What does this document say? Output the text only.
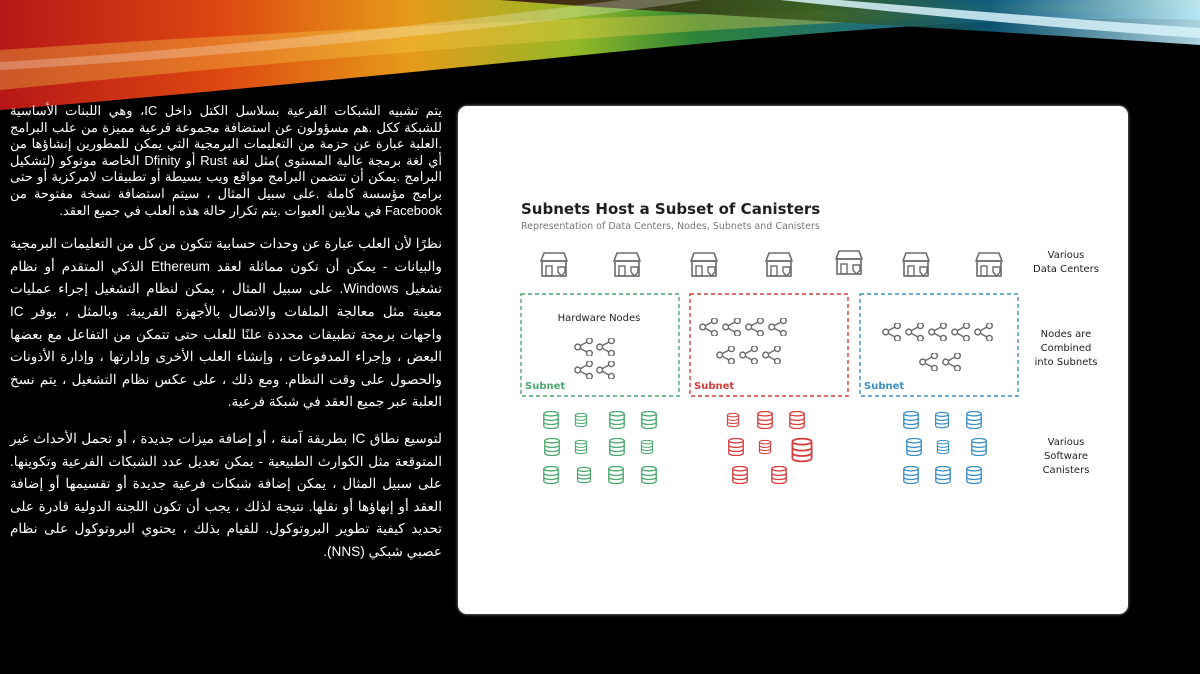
يتم تشبيه الشبكات الفرعية بسلاسل الكتل داخل IC، وهي اللبنات الأساسية للشبكة ككل .هم مسؤولون عن استضافة مجموعة فرعية مميزة من علب البرامج .العلبة عبارة عن حزمة من التعليمات البرمجية التي يمكن للمطورين إنشاؤها من أي لغة برمجة عالية المستوى )مثل لغة Rust أو Dfinity الخاصة موتوكو (لتشكيل البرامج .يمكن أن تتضمن البرامج مواقع ويب بسيطة أو تطبيقات لامركزية أو حتى برامج مؤسسة كاملة .على سبيل المثال ، سيتم استضافة نسخة مفتوحة من Facebook في ملايين العبوات .يتم تكرار حالة هذه العلب في جميع العقد.

نظرًا لأن العلب عبارة عن وحدات حسابية تتكون من كل من التعليمات البرمجية والبيانات - يمكن أن تكون مماثلة لعقد Ethereum الذكي المتقدم أو نظام تشغيل Windows. على سبيل المثال ، يمكن لنظام التشغيل إجراء عمليات معينة مثل معالجة الملفات والاتصال بالأجهزة القريبة. وبالمثل ، يوفر IC واجهات برمجة تطبيقات محددة علنًا للعلب حتى تتمكن من التفاعل مع بعضها البعض ، وإجراء المدفوعات ، وإنشاء العلب الأخرى وإدارتها ، وإدارة الأذونات والحصول على وقت النظام. ومع ذلك ، على عكس نظام التشغيل ، يتم نسخ العلبة عبر جميع العقد في شبكة فرعية.

لتوسيع نطاق IC بطريقة آمنة ، أو إضافة ميزات جديدة ، أو تحمل الأحداث غير المتوقعة مثل الكوارث الطبيعية - يمكن تعديل عدد الشبكات الفرعية وتكوينها. على سبيل المثال ، يمكن إضافة شبكات فرعية جديدة أو تقسيمها أو إضافة العقد أو إنهاؤها أو نقلها. نتيجة لذلك ، يجب أن تكون اللجنة الدولية قادرة على تحديد كيفية تطوير البروتوكول. للقيام بذلك ، يحتوي البروتوكول على نظام عصبي شبكي (NNS).

Subnets Host a Subset of Canisters
Representation of Data Centers, Nodes, Subnets and Canisters
Hardware Nodes
Subnet	Subnet	Subnet
Various
Data Centers
Nodes are
Combined
into Subnets
Various
Software
Canisters
